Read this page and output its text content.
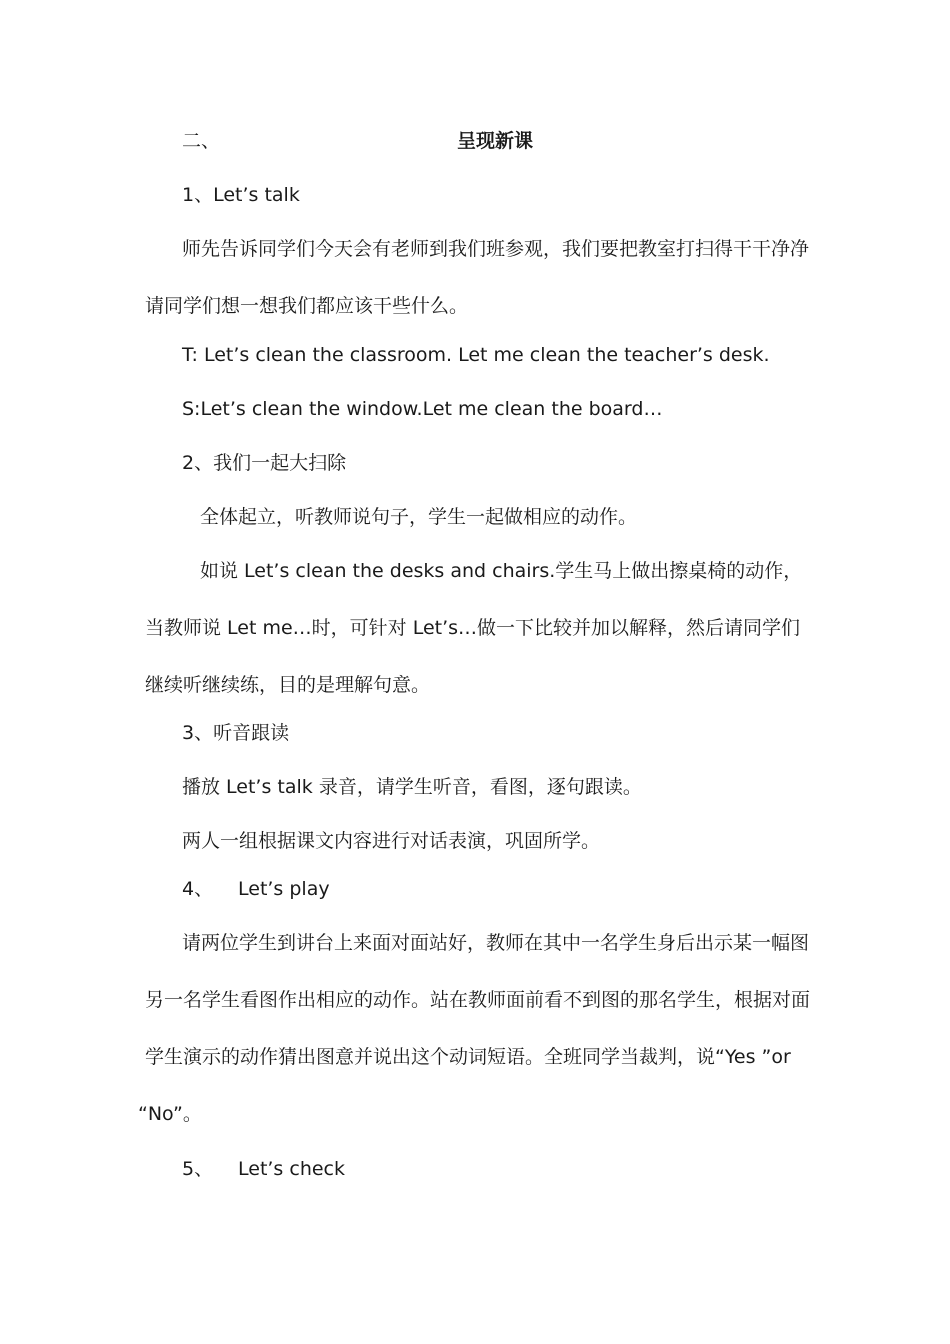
二、	呈现新课
1、Let’s talk
师先告诉同学们今天会有老师到我们班参观，我们要把教室打扫得干干净净
请同学们想一想我们都应该干些什么。
T: Let’s clean the classroom. Let me clean the teacher’s desk.
S:Let’s clean the window.Let me clean the board…
2、我们一起大扫除
全体起立，听教师说句子，学生一起做相应的动作。
如说 Let’s clean the desks and chairs.学生马上做出擦桌椅的动作，
当教师说 Let me…时，可针对 Let’s…做一下比较并加以解释，然后请同学们
继续听继续练，目的是理解句意。
3、听音跟读
播放 Let’s talk 录音，请学生听音，看图，逐句跟读。
两人一组根据课文内容进行对话表演，巩固所学。
4、 Let’s play
请两位学生到讲台上来面对面站好，教师在其中一名学生身后出示某一幅图
另一名学生看图作出相应的动作。站在教师面前看不到图的那名学生，根据对面
学生演示的动作猜出图意并说出这个动词短语。全班同学当裁判，说“Yes ”or
“No”。
5、 Let’s check
